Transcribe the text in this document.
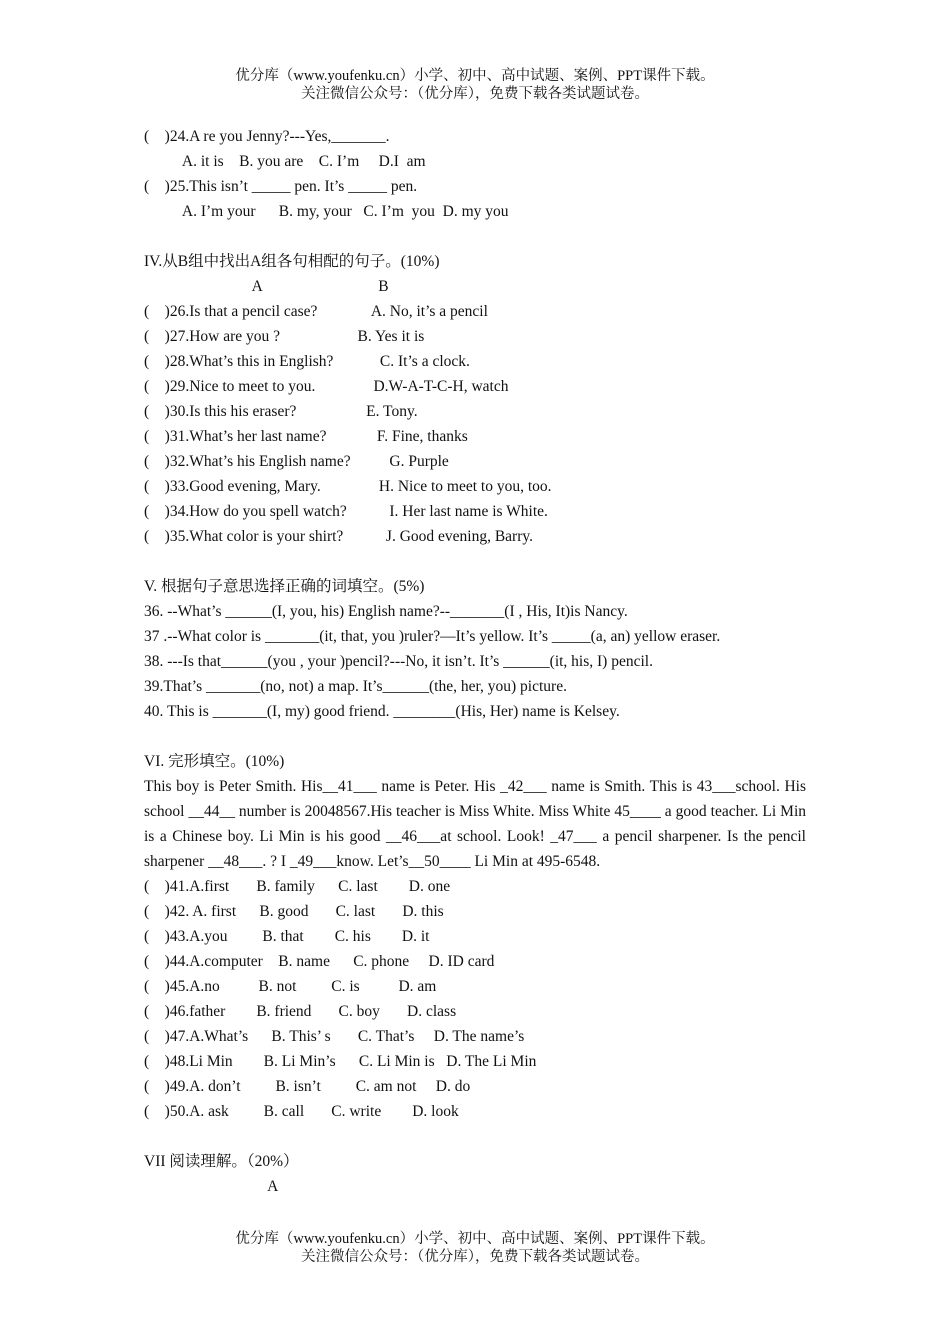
优分库（www.youfenku.cn）小学、初中、高中试题、案例、PPT课件下载。
关注微信公众号：（优分库），免费下载各类试题试卷。
(    )24.A re you Jenny?---Yes,_______.
A. it is    B. you are    C. I’m     D.I  am
(    )25.This isn’t _____ pen. It’s _____ pen.
A. I’m your      B. my, your   C. I’m  you  D. my you
IV.从B组中找出A组各句相配的句子。(10%)
A                              B
(    )26.Is that a pencil case?              A. No, it’s a pencil
(    )27.How are you ?                    B. Yes it is
(    )28.What’s this in English?            C. It’s a clock.
(    )29.Nice to meet to you.               D.W-A-T-C-H, watch
(    )30.Is this his eraser?                  E. Tony.
(    )31.What’s her last name?             F. Fine, thanks
(    )32.What’s his English name?          G. Purple
(    )33.Good evening, Mary.               H. Nice to meet to you, too.
(    )34.How do you spell watch?           I. Her last name is White.
(    )35.What color is your shirt?           J. Good evening, Barry.
V. 根据句子意思选择正确的词填空。(5%)
36. --What’s ______(I, you, his) English name?--_______(I , His, It)is Nancy.
37 .--What color is _______(it, that, you )ruler?—It’s yellow. It’s _____(a, an) yellow eraser.
38. ---Is that______(you , your )pencil?---No, it isn’t. It’s ______(it, his, I) pencil.
39.That’s _______(no, not) a map. It’s______(the, her, you) picture.
40. This is _______(I, my) good friend. ________(His, Her) name is Kelsey.
VI. 完形填空。(10%)
This boy is Peter Smith. His__41___ name is Peter. His _42___ name is Smith. This is 43___school. His school __44__ number is 20048567.His teacher is Miss White. Miss White 45____ a good teacher. Li Min is a Chinese boy. Li Min is his good __46___at school. Look! _47___ a pencil sharpener. Is the pencil sharpener __48___. ? I _49___know. Let’s__50____ Li Min at 495-6548.
(    )41.A.first       B. family      C. last        D. one
(    )42. A. first      B. good       C. last       D. this
(    )43.A.you         B. that        C. his        D. it
(    )44.A.computer    B. name      C. phone     D. ID card
(    )45.A.no          B. not         C. is          D. am
(    )46.father        B. friend       C. boy       D. class
(    )47.A.What’s      B. This’ s       C. That’s     D. The name’s
(    )48.Li Min        B. Li Min’s      C. Li Min is   D. The Li Min
(    )49.A. don’t         B. isn’t         C. am not     D. do
(    )50.A. ask         B. call       C. write        D. look
VII 阅读理解。（20%）
A
优分库（www.youfenku.cn）小学、初中、高中试题、案例、PPT课件下载。
关注微信公众号：（优分库），免费下载各类试题试卷。
